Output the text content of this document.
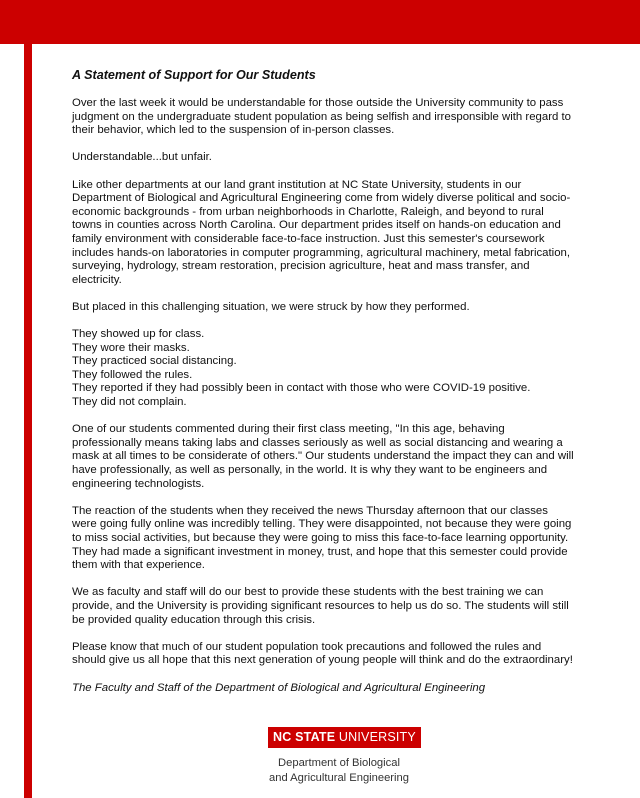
A Statement of Support for Our Students

Over the last week it would be understandable for those outside the University community to pass judgment on the undergraduate student population as being selfish and irresponsible with regard to their behavior, which led to the suspension of in-person classes.

Understandable...but unfair.

Like other departments at our land grant institution at NC State University, students in our Department of Biological and Agricultural Engineering come from widely diverse political and socio-economic backgrounds - from urban neighborhoods in Charlotte, Raleigh, and beyond to rural towns in counties across North Carolina. Our department prides itself on hands-on education and family environment with considerable face-to-face instruction. Just this semester's coursework includes hands-on laboratories in computer programming, agricultural machinery, metal fabrication, surveying, hydrology, stream restoration, precision agriculture, heat and mass transfer, and electricity.

But placed in this challenging situation, we were struck by how they performed.

They showed up for class.
They wore their masks.
They practiced social distancing.
They followed the rules.
They reported if they had possibly been in contact with those who were COVID-19 positive.
They did not complain.

One of our students commented during their first class meeting, "In this age, behaving professionally means taking labs and classes seriously as well as social distancing and wearing a mask at all times to be considerate of others." Our students understand the impact they can and will have professionally, as well as personally, in the world. It is why they want to be engineers and engineering technologists.

The reaction of the students when they received the news Thursday afternoon that our classes were going fully online was incredibly telling. They were disappointed, not because they were going to miss social activities, but because they were going to miss this face-to-face learning opportunity. They had made a significant investment in money, trust, and hope that this semester could provide them with that experience.

We as faculty and staff will do our best to provide these students with the best training we can provide, and the University is providing significant resources to help us do so. The students will still be provided quality education through this crisis.

Please know that much of our student population took precautions and followed the rules and should give us all hope that this next generation of young people will think and do the extraordinary!

The Faculty and Staff of the Department of Biological and Agricultural Engineering

NC STATE UNIVERSITY
Department of Biological
and Agricultural Engineering
